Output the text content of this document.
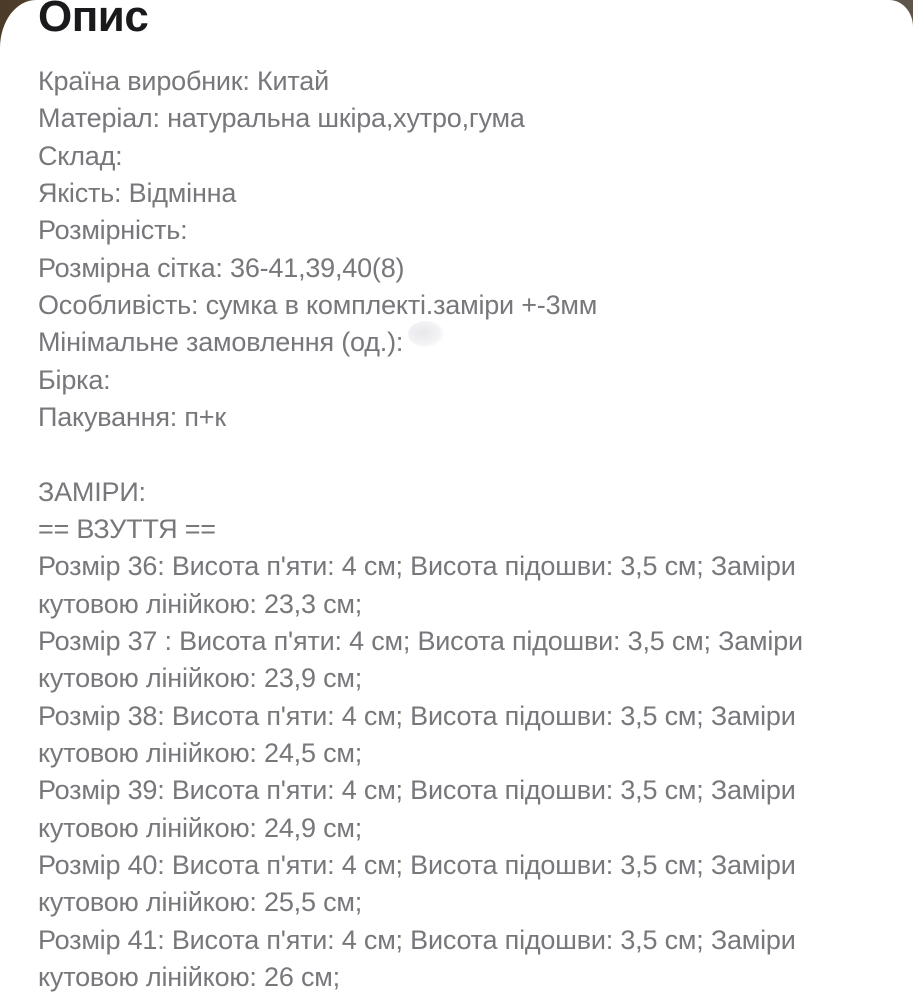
Опис
Країна виробник: Китай
Матеріал: натуральна шкіра,хутро,гума
Склад:
Якість: Відмінна
Розмірність:
Розмірна сітка: 36-41,39,40(8)
Особливість: сумка в комплекті.заміри +-3мм
Мінімальне замовлення (од.):
Бірка:
Пакування: п+к
ЗАМІРИ:
== ВЗУТТЯ ==
Розмір 36: Висота п'яти: 4 см; Висота підошви: 3,5 см; Заміри
кутовою лінійкою: 23,3 см;
Розмір 37 : Висота п'яти: 4 см; Висота підошви: 3,5 см; Заміри
кутовою лінійкою: 23,9 см;
Розмір 38: Висота п'яти: 4 см; Висота підошви: 3,5 см; Заміри
кутовою лінійкою: 24,5 см;
Розмір 39: Висота п'яти: 4 см; Висота підошви: 3,5 см; Заміри
кутовою лінійкою: 24,9 см;
Розмір 40: Висота п'яти: 4 см; Висота підошви: 3,5 см; Заміри
кутовою лінійкою: 25,5 см;
Розмір 41: Висота п'яти: 4 см; Висота підошви: 3,5 см; Заміри
кутовою лінійкою: 26 см;
